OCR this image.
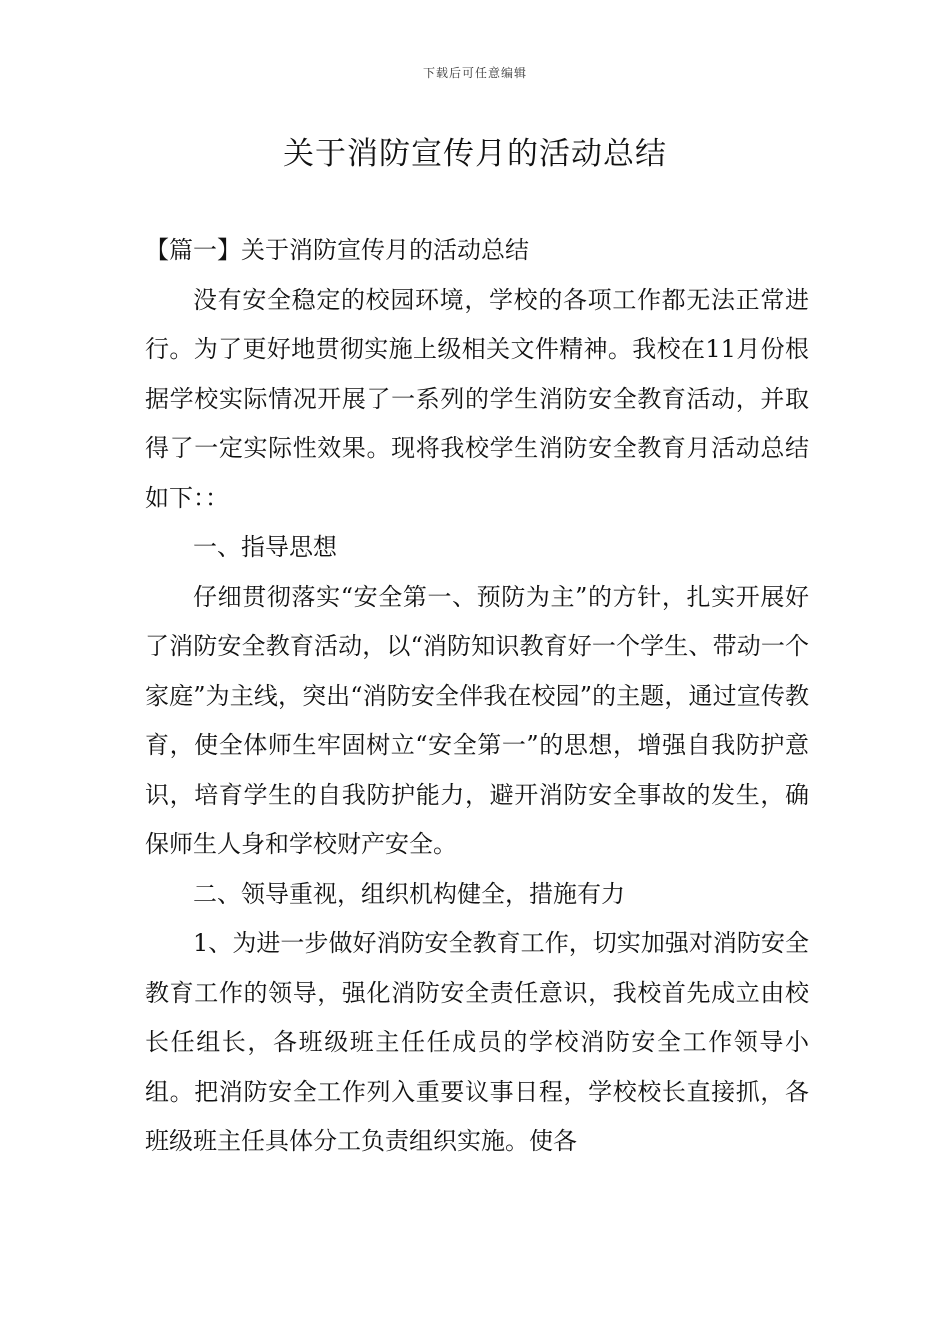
下载后可任意编辑
关于消防宣传月的活动总结

【篇一】关于消防宣传月的活动总结

没有安全稳定的校园环境，学校的各项工作都无法正常进行。为了更好地贯彻实施上级相关文件精神。我校在11月份根据学校实际情况开展了一系列的学生消防安全教育活动，并取得了一定实际性效果。现将我校学生消防安全教育月活动总结如下：：

一、指导思想

仔细贯彻落实“安全第一、预防为主”的方针，扎实开展好了消防安全教育活动，以“消防知识教育好一个学生、带动一个家庭”为主线，突出“消防安全伴我在校园”的主题，通过宣传教育，使全体师生牢固树立“安全第一”的思想，增强自我防护意识，培育学生的自我防护能力，避开消防安全事故的发生，确保师生人身和学校财产安全。

二、领导重视，组织机构健全，措施有力

1、为进一步做好消防安全教育工作，切实加强对消防安全教育工作的领导，强化消防安全责任意识，我校首先成立由校长任组长，各班级班主任任成员的学校消防安全工作领导小组。把消防安全工作列入重要议事日程，学校校长直接抓，各班级班主任具体分工负责组织实施。使各
